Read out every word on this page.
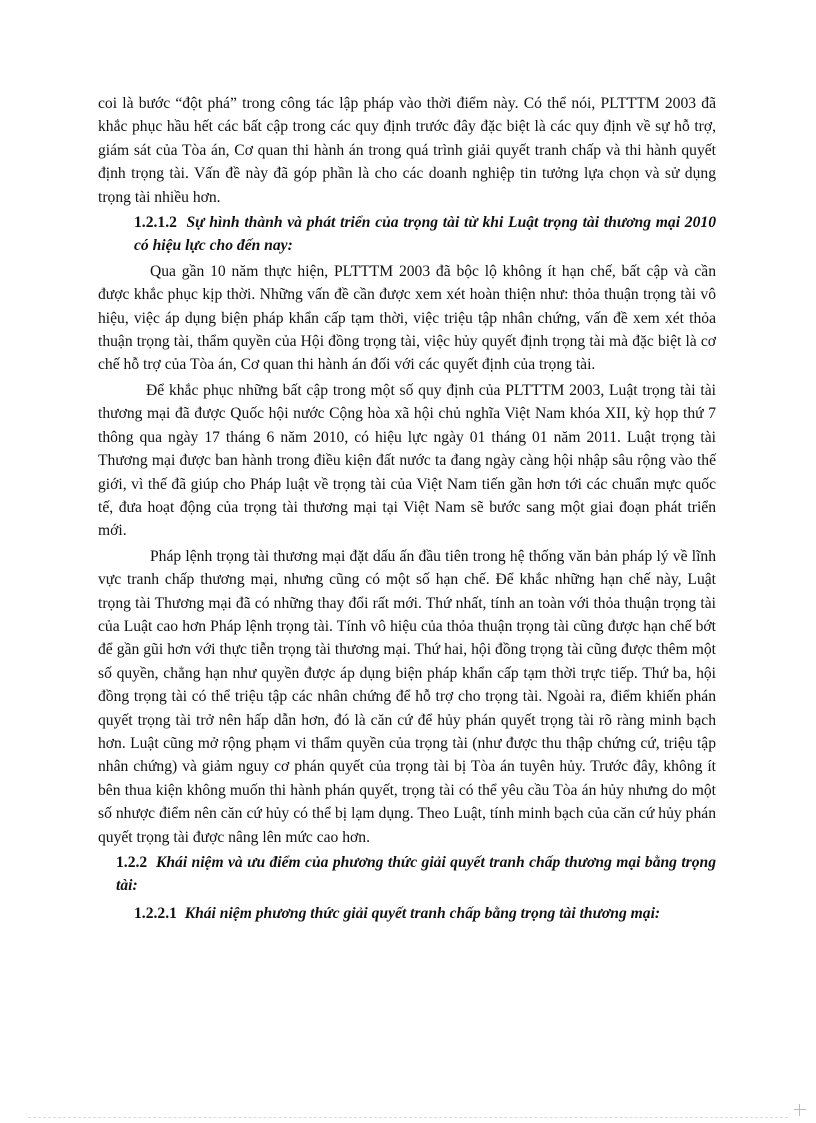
coi là bước “đột phá” trong công tác lập pháp vào thời điểm này. Có thể nói, PLTTTM 2003 đã khắc phục hầu hết các bất cập trong các quy định trước đây đặc biệt là các quy định về sự hỗ trợ, giám sát của Tòa án, Cơ quan thi hành án trong quá trình giải quyết tranh chấp và thi hành quyết định trọng tài. Vấn đề này đã góp phần là cho các doanh nghiệp tin tưởng lựa chọn và sử dụng trọng tài nhiều hơn.

1.2.1.2 Sự hình thành và phát triển của trọng tài từ khi Luật trọng tài thương mại 2010 có hiệu lực cho đến nay:

Qua gần 10 năm thực hiện, PLTTTM 2003 đã bộc lộ không ít hạn chế, bất cập và cần được khắc phục kịp thời. Những vấn đề cần được xem xét hoàn thiện như: thỏa thuận trọng tài vô hiệu, việc áp dụng biện pháp khẩn cấp tạm thời, việc triệu tập nhân chứng, vấn đề xem xét thỏa thuận trọng tài, thẩm quyền của Hội đồng trọng tài, việc hủy quyết định trọng tài mà đặc biệt là cơ chế hỗ trợ của Tòa án, Cơ quan thi hành án đối với các quyết định của trọng tài.

Để khắc phục những bất cập trong một số quy định của PLTTTM 2003, Luật trọng tài tài thương mại đã được Quốc hội nước Cộng hòa xã hội chủ nghĩa Việt Nam khóa XII, kỳ họp thứ 7 thông qua ngày 17 tháng 6 năm 2010, có hiệu lực ngày 01 tháng 01 năm 2011. Luật trọng tài Thương mại được ban hành trong điều kiện đất nước ta đang ngày càng hội nhập sâu rộng vào thế giới, vì thế đã giúp cho Pháp luật về trọng tài của Việt Nam tiến gần hơn tới các chuẩn mực quốc tế, đưa hoạt động của trọng tài thương mại tại Việt Nam sẽ bước sang một giai đoạn phát triển mới.

Pháp lệnh trọng tài thương mại đặt dấu ấn đầu tiên trong hệ thống văn bản pháp lý về lĩnh vực tranh chấp thương mại, nhưng cũng có một số hạn chế. Để khắc những hạn chế này, Luật trọng tài Thương mại đã có những thay đổi rất mới. Thứ nhất, tính an toàn với thỏa thuận trọng tài của Luật cao hơn Pháp lệnh trọng tài. Tính vô hiệu của thỏa thuận trọng tài cũng được hạn chế bớt để gần gũi hơn với thực tiễn trọng tài thương mại. Thứ hai, hội đồng trọng tài cũng được thêm một số quyền, chẳng hạn như quyền được áp dụng biện pháp khẩn cấp tạm thời trực tiếp. Thứ ba, hội đồng trọng tài có thể triệu tập các nhân chứng để hỗ trợ cho trọng tài. Ngoài ra, điểm khiến phán quyết trọng tài trở nên hấp dẫn hơn, đó là căn cứ để hủy phán quyết trọng tài rõ ràng minh bạch hơn. Luật cũng mở rộng phạm vi thẩm quyền của trọng tài (như được thu thập chứng cứ, triệu tập nhân chứng) và giảm nguy cơ phán quyết của trọng tài bị Tòa án tuyên hủy. Trước đây, không ít bên thua kiện không muốn thi hành phán quyết, trọng tài có thể yêu cầu Tòa án hủy nhưng do một số nhược điểm nên căn cứ hủy có thể bị lạm dụng. Theo Luật, tính minh bạch của căn cứ hủy phán quyết trọng tài được nâng lên mức cao hơn.

1.2.2 Khái niệm và ưu điểm của phương thức giải quyết tranh chấp thương mại bằng trọng tài:
1.2.2.1 Khái niệm phương thức giải quyết tranh chấp bằng trọng tài thương mại:
